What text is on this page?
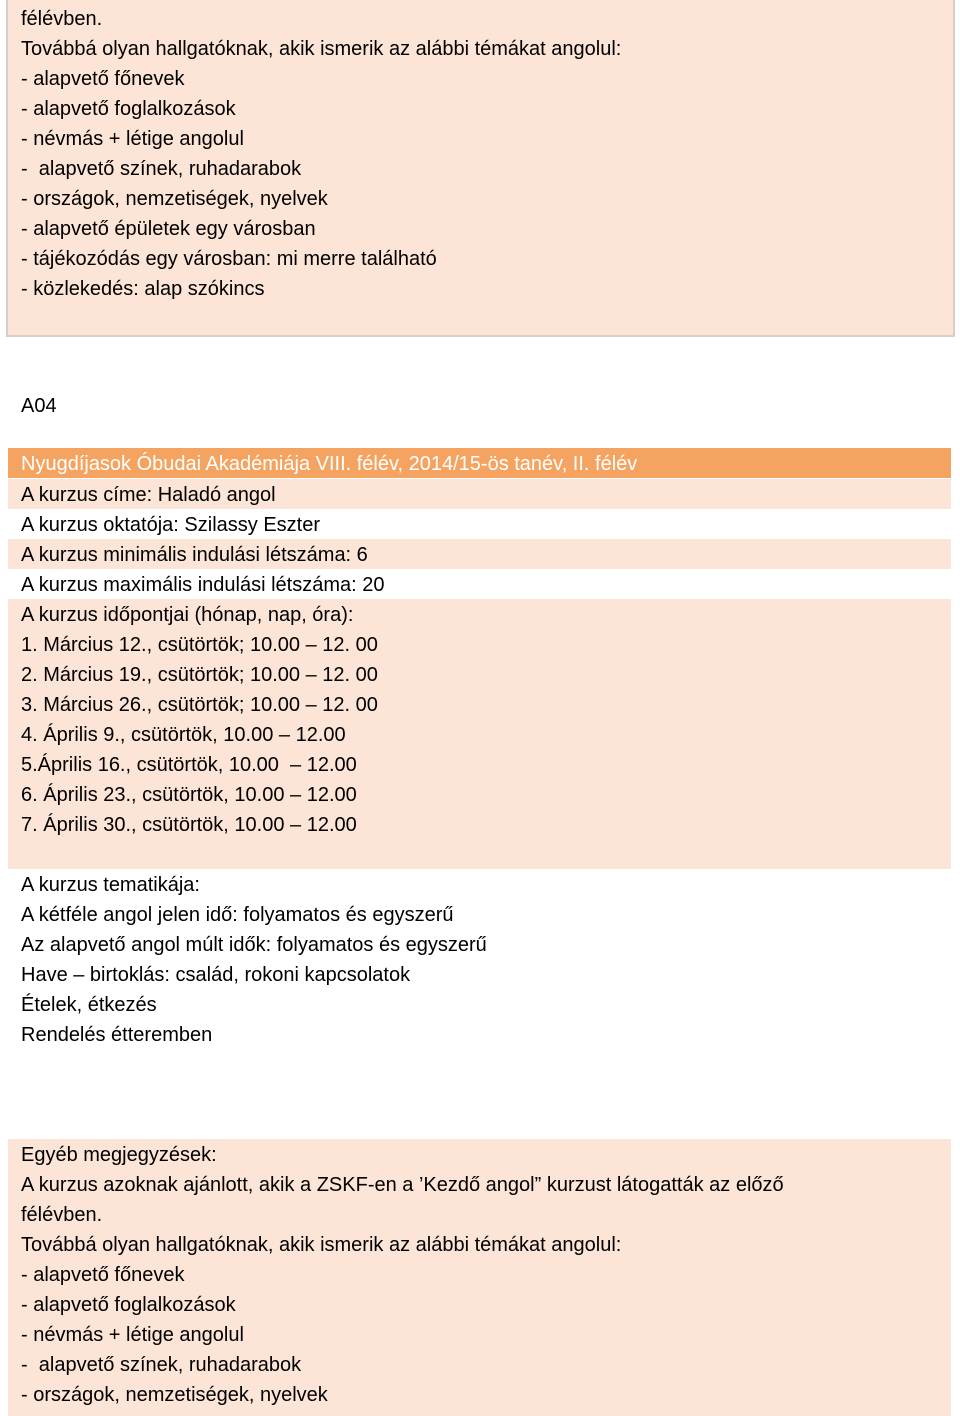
félévben.
Továbbá olyan hallgatóknak, akik ismerik az alábbi témákat angolul:
- alapvető főnevek
- alapvető foglalkozások
- névmás + létige angolul
-  alapvető színek, ruhadarabok
- országok, nemzetiségek, nyelvek
- alapvető épületek egy városban
- tájékozódás egy városban: mi merre található
- közlekedés: alap szókincs
A04
Nyugdíjasok Óbudai Akadémiája VIII. félév, 2014/15-ös tanév, II. félév
A kurzus címe: Haladó angol
A kurzus oktatója: Szilassy Eszter
A kurzus minimális indulási létszáma: 6
A kurzus maximális indulási létszáma: 20
A kurzus időpontjai (hónap, nap, óra):
1. Március 12., csütörtök; 10.00 – 12. 00
2. Március 19., csütörtök; 10.00 – 12. 00
3. Március 26., csütörtök; 10.00 – 12. 00
4. Április 9., csütörtök, 10.00 – 12.00
5.Április 16., csütörtök, 10.00  – 12.00
6. Április 23., csütörtök, 10.00 – 12.00
7. Április 30., csütörtök, 10.00 – 12.00
A kurzus tematikája:
A kétféle angol jelen idő: folyamatos és egyszerű
Az alapvető angol múlt idők: folyamatos és egyszerű
Have – birtoklás: család, rokoni kapcsolatok
Ételek, étkezés
Rendelés étteremben
Egyéb megjegyzések:
A kurzus azoknak ajánlott, akik a ZSKF-en a ’Kezdő angol” kurzust látogatták az előző
félévben.
Továbbá olyan hallgatóknak, akik ismerik az alábbi témákat angolul:
- alapvető főnevek
- alapvető foglalkozások
- névmás + létige angolul
-  alapvető színek, ruhadarabok
- országok, nemzetiségek, nyelvek
